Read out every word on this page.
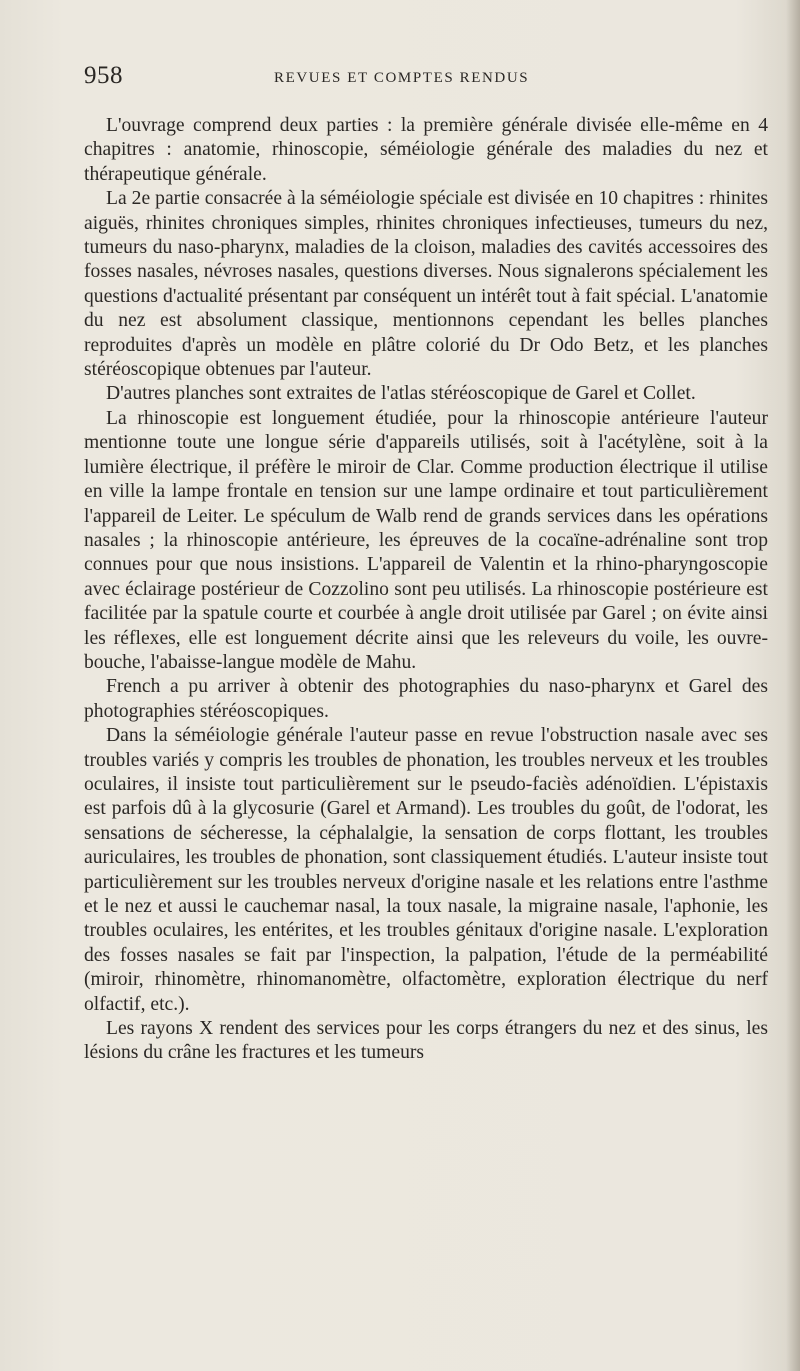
958	REVUES ET COMPTES RENDUS

L'ouvrage comprend deux parties : la première générale divisée elle-même en 4 chapitres : anatomie, rhinoscopie, séméiologie générale des maladies du nez et thérapeutique générale.

La 2e partie consacrée à la séméiologie spéciale est divisée en 10 chapitres : rhinites aiguës, rhinites chroniques simples, rhinites chroniques infectieuses, tumeurs du nez, tumeurs du naso-pharynx, maladies de la cloison, maladies des cavités accessoires des fosses nasales, névroses nasales, questions diverses. Nous signalerons spécialement les questions d'actualité présentant par conséquent un intérêt tout à fait spécial. L'anatomie du nez est absolument classique, mentionnons cependant les belles planches reproduites d'après un modèle en plâtre colorié du Dr Odo Betz, et les planches stéréoscopique obtenues par l'auteur.

D'autres planches sont extraites de l'atlas stéréoscopique de Garel et Collet.

La rhinoscopie est longuement étudiée, pour la rhinoscopie antérieure l'auteur mentionne toute une longue série d'appareils utilisés, soit à l'acétylène, soit à la lumière électrique, il préfère le miroir de Clar. Comme production électrique il utilise en ville la lampe frontale en tension sur une lampe ordinaire et tout particulièrement l'appareil de Leiter. Le spéculum de Walb rend de grands services dans les opérations nasales ; la rhinoscopie antérieure, les épreuves de la cocaïne-adrénaline sont trop connues pour que nous insistions. L'appareil de Valentin et la rhino-pharyngoscopie avec éclairage postérieur de Cozzolino sont peu utilisés. La rhinoscopie postérieure est facilitée par la spatule courte et courbée à angle droit utilisée par Garel ; on évite ainsi les réflexes, elle est longuement décrite ainsi que les releveurs du voile, les ouvre-bouche, l'abaisse-langue modèle de Mahu.

French a pu arriver à obtenir des photographies du naso-pharynx et Garel des photographies stéréoscopiques.

Dans la séméiologie générale l'auteur passe en revue l'obstruction nasale avec ses troubles variés y compris les troubles de phonation, les troubles nerveux et les troubles oculaires, il insiste tout particulièrement sur le pseudo-faciès adénoïdien. L'épistaxis est parfois dû à la glycosurie (Garel et Armand). Les troubles du goût, de l'odorat, les sensations de sécheresse, la céphalalgie, la sensation de corps flottant, les troubles auriculaires, les troubles de phonation, sont classiquement étudiés. L'auteur insiste tout particulièrement sur les troubles nerveux d'origine nasale et les relations entre l'asthme et le nez et aussi le cauchemar nasal, la toux nasale, la migraine nasale, l'aphonie, les troubles oculaires, les entérites, et les troubles génitaux d'origine nasale. L'exploration des fosses nasales se fait par l'inspection, la palpation, l'étude de la perméabilité (miroir, rhinomètre, rhinomanomètre, olfactomètre, exploration électrique du nerf olfactif, etc.).

Les rayons X rendent des services pour les corps étrangers du nez et des sinus, les lésions du crâne les fractures et les tumeurs
